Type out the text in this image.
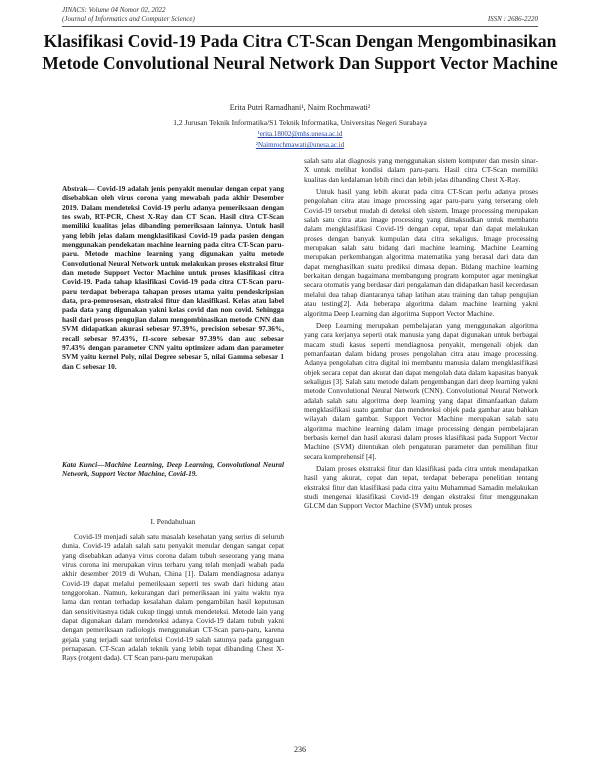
JINACS: Volume 04 Nomor 02, 2022
(Journal of Informatics and Computer Science)	ISSN : 2686-2220
Klasifikasi Covid-19 Pada Citra CT-Scan Dengan Mengombinasikan Metode Convolutional Neural Network Dan Support Vector Machine
Erita Putri Ramadhani¹, Naim Rochmawati²
1,2 Jurusan Teknik Informatika/S1 Teknik Informatika, Universitas Negeri Surabaya
¹erita.18002@mhs.unesa.ac.id
²Naimrochmawati@unesa.ac.id
Abstrak— Covid-19 adalah jenis penyakit menular dengan cepat yang disebabkan oleh virus corona yang mewabah pada akhir Desember 2019. Dalam mendeteksi Covid-19 perlu adanya pemeriksaan dengan tes swab, RT-PCR, Chest X-Ray dan CT Scan. Hasil citra CT-Scan memiliki kualitas jelas dibanding pemeriksaan lainnya. Untuk hasil yang lebih jelas dalam mengklasifikasi Covid-19 pada pasien dengan menggunakan pendekatan machine learning pada citra CT-Scan paru-paru. Metode machine learning yang digunakan yaitu metode Convolutional Neural Network untuk melakukan proses ekstraksi fitur dan metode Support Vector Machine untuk proses klasifikasi citra Covid-19. Pada tahap klasifikasi Covid-19 pada citra CT-Scan paru-paru terdapat beberapa tahapan proses utama yaitu pendeskripsian data, pra-pemrosesan, ekstraksi fitur dan klasifikasi. Kelas atau label pada data yang digunakan yakni kelas covid dan non covid. Sehingga hasil dari proses pengujian dalam mengombinasikan metode CNN dan SVM didapatkan akurasi sebesar 97.39%, precision sebesar 97.36%, recall sebesar 97.43%, f1-score sebesar 97.39% dan auc sebesar 97.43% dengan parameter CNN yaitu optimizer adam dan parameter SVM yaitu kernel Poly, nilai Degree sebesar 5, nilai Gamma sebesar 1 dan C sebesar 10.
Kata Kunci—Machine Learning, Deep Learning, Convolutional Neural Network, Support Vector Machine, Covid-19.
I. Pendahuluan

Covid-19 menjadi salah satu masalah kesehatan yang serius di seluruh dunia. Covid-19 adalah salah satu penyakit menular dengan sangat cepat yang disebabkan adanya virus corona dalam tubuh seseorang yang mana virus corona ini merupakan virus terbaru yang telah menjadi wabah pada akhir desember 2019 di Wuhan, China [1]. Dalam mendiagnosa adanya Covid-19 dapat melalui pemeriksaan seperti tes swab dari hidung atau tenggorokan. Namun, kekurangan dari pemeriksaan ini yaitu waktu nya lama dan rentan terhadap kesalahan dalam pengambilan hasil keputusan dan sensitivitasnya tidak cukup tinggi untuk mendeteksi. Metode lain yang dapat digunakan dalam mendeteksi adanya Covid-19 dalam tubuh yakni dengan pemeriksaan radiologis menggunakan CT-Scan paru-paru, karena gejala yang terjadi saat terinfeksi Covid-19 salah satunya pada gangguan pernapasan. CT-Scan adalah teknik yang lebih tepat dibanding Chest X-Rays (rotgent dada). CT Scan paru-paru merupakan

salah satu alat diagnosis yang menggunakan sistem komputer dan mesin sinar-X untuk melihat kondisi dalam paru-paru. Hasil citra CT-Scan memiliki kualitas dan kedalaman lebih rinci dan lebih jelas dibanding Chest X-Ray.

Untuk hasil yang lebih akurat pada citra CT-Scan perlu adanya proses pengolahan citra atau image processing agar paru-paru yang terserang oleh Covid-19 tersebut mudah di deteksi oleh sistem. Image processing merupakan salah satu citra atau image processing yang dimaksudkan untuk membantu dalam mengklasifikasi Covid-19 dengan cepat, tepat dan dapat melakukan proses dengan banyak kumpulan data citra sekaligus. Image processing merupakan salah satu bidang dari machine learning. Machine Learning merupakan perkembangan algoritma matematika yang berasal dari data dan dapat menghasilkan suatu prediksi dimasa depan. Bidang machine learning berkaitan dengan bagaimana membangung program komputer agar meningkat secara otomatis yang berdasar dari pengalaman dan didapatkan hasil kecerdasan melalui dua tahap diantaranya tahap latihan atau training dan tahap pengujian atau testing[2]. Ada beberapa algoritma dalam machine learning yakni algoritma Deep Learning dan algoritma Support Vector Machine.

Deep Learning merupakan pembelajaran yang menggunakan algoritma yang cara kerjanya seperti otak manusia yang dapat digunakan untuk berbagai macam studi kasus seperti mendiagnosa penyakit, mengenali objek dan pemanfaatan dalam bidang proses pengolahan citra atau image processing. Adanya pengolahan citra digital ini membantu manusia dalam mengklasifikasi objek secara cepat dan akurat dan dapat mengolah data dalam kapasitas banyak sekaligus [3]. Salah satu metode dalam pengembangan dari deep learning yakni metode Convolutional Neural Network (CNN). Convolutional Neural Network adalah salah satu algoritma deep learning yang dapat dimanfaatkan dalam mengklasifikasi suatu gambar dan mendeteksi objek pada gambar atau bahkan wilayah dalam gambar. Support Vector Machine merupakan salah satu algoritma machine learning dalam image processing dengan pembelajaran berbasis kernel dan hasil akurasi dalam proses klasifikasi pada Support Vector Machine (SVM) ditentukan oleh pengaturan parameter dan pemilihan fitur secara komprehensif [4].

Dalam proses ekstraksi fitur dan klasifikasi pada citra untuk mendapatkan hasil yang akurat, cepat dan tepat, terdapat beberapa penelitian tentang ekstraksi fitur dan klasifikasi pada citra yaitu Muhammad Samadin melakukan studi mengenai klasifikasi Covid-19 dengan ekstraksi fitur menggunakan GLCM dan Support Vector Machine (SVM) untuk proses

236
